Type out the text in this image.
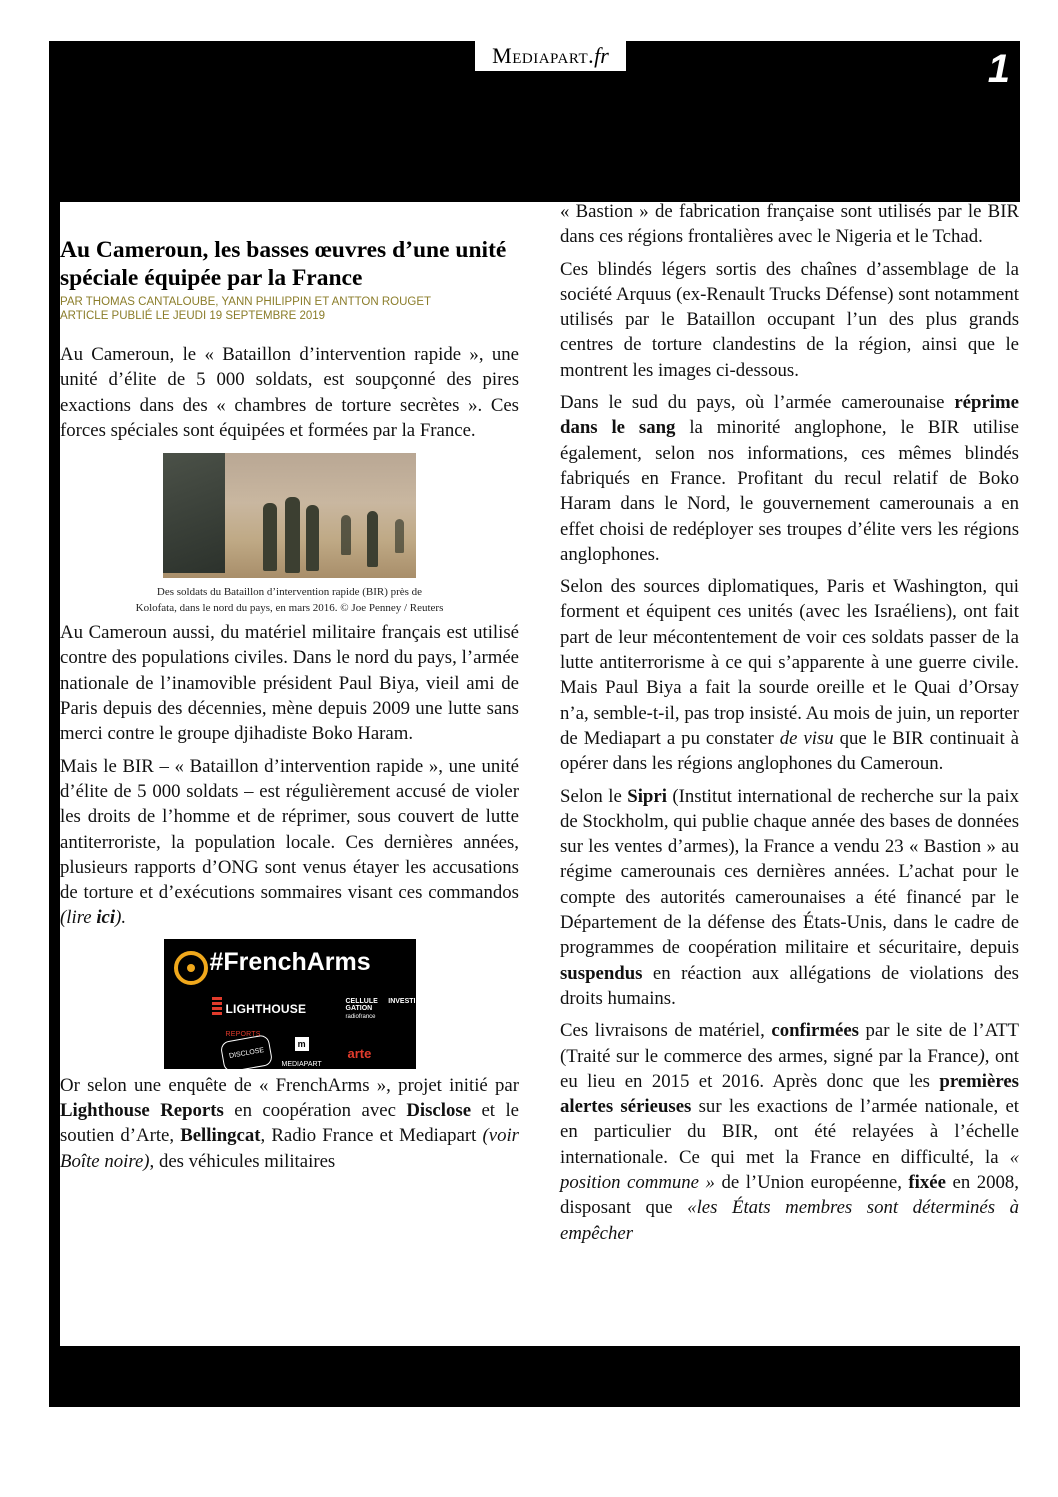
Mediapart.fr	1
Au Cameroun, les basses œuvres d’une unité spéciale équipée par la France
PAR THOMAS CANTALOUBE, YANN PHILIPPIN ET ANTTON ROUGET
ARTICLE PUBLIÉ LE JEUDI 19 SEPTEMBRE 2019

Au Cameroun, le « Bataillon d’intervention rapide », une unité d’élite de 5 000 soldats, est soupçonné des pires exactions dans des « chambres de torture secrètes ». Ces forces spéciales sont équipées et formées par la France.

Des soldats du Bataillon d’intervention rapide (BIR) près de
Kolofata, dans le nord du pays, en mars 2016. © Joe Penney / Reuters

Au Cameroun aussi, du matériel militaire français est utilisé contre des populations civiles. Dans le nord du pays, l’armée nationale de l’inamovible président Paul Biya, vieil ami de Paris depuis des décennies, mène depuis 2009 une lutte sans merci contre le groupe djihadiste Boko Haram.

Mais le BIR – « Bataillon d’intervention rapide », une unité d’élite de 5 000 soldats – est régulièrement accusé de violer les droits de l’homme et de réprimer, sous couvert de lutte antiterroriste, la population locale. Ces dernières années, plusieurs rapports d’ONG sont venus étayer les accusations de torture et d’exécutions sommaires visant ces commandos (lire ici).

#FrenchArms
LIGHTHOUSE
REPORTS
CELLULE INVESTI GATION
radiofrance
DISCLOSE
m
MEDIAPART
arte

Or selon une enquête de « FrenchArms », projet initié par Lighthouse Reports en coopération avec Disclose et le soutien d’Arte, Bellingcat, Radio France et Mediapart (voir Boîte noire), des véhicules militaires

« Bastion » de fabrication française sont utilisés par le BIR dans ces régions frontalières avec le Nigeria et le Tchad.

Ces blindés légers sortis des chaînes d’assemblage de la société Arquus (ex-Renault Trucks Défense) sont notamment utilisés par le Bataillon occupant l’un des plus grands centres de torture clandestins de la région, ainsi que le montrent les images ci-dessous.

Dans le sud du pays, où l’armée camerounaise réprime dans le sang la minorité anglophone, le BIR utilise également, selon nos informations, ces mêmes blindés fabriqués en France. Profitant du recul relatif de Boko Haram dans le Nord, le gouvernement camerounais a en effet choisi de redéployer ses troupes d’élite vers les régions anglophones.

Selon des sources diplomatiques, Paris et Washington, qui forment et équipent ces unités (avec les Israéliens), ont fait part de leur mécontentement de voir ces soldats passer de la lutte antiterrorisme à ce qui s’apparente à une guerre civile. Mais Paul Biya a fait la sourde oreille et le Quai d’Orsay n’a, semble-t-il, pas trop insisté. Au mois de juin, un reporter de Mediapart a pu constater de visu que le BIR continuait à opérer dans les régions anglophones du Cameroun.

Selon le Sipri (Institut international de recherche sur la paix de Stockholm, qui publie chaque année des bases de données sur les ventes d’armes), la France a vendu 23 « Bastion » au régime camerounais ces dernières années. L’achat pour le compte des autorités camerounaises a été financé par le Département de la défense des États-Unis, dans le cadre de programmes de coopération militaire et sécuritaire, depuis suspendus en réaction aux allégations de violations des droits humains.

Ces livraisons de matériel, confirmées par le site de l’ATT (Traité sur le commerce des armes, signé par la France), ont eu lieu en 2015 et 2016. Après donc que les premières alertes sérieuses sur les exactions de l’armée nationale, et en particulier du BIR, ont été relayées à l’échelle internationale. Ce qui met la France en difficulté, la « position commune » de l’Union européenne, fixée en 2008, disposant que «les États membres sont déterminés à empêcher
